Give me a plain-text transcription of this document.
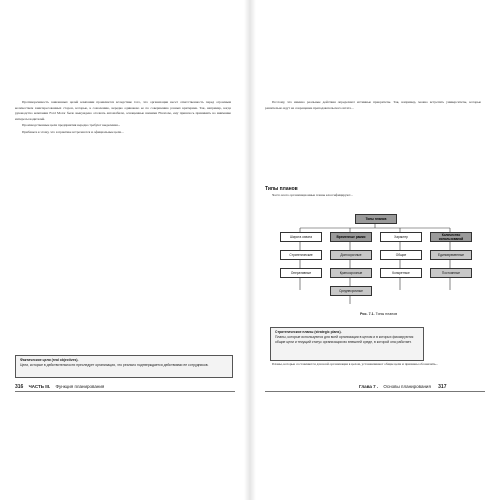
Противоречивость заявленных целей компании проявляется вследствие того, что организация несет ответственность перед огромным количеством заинтересованных сторон, которые, к сожалению, нередко одинаково ее по совершению разных критериев. Так, например, когда руководство компании Ford Motor было вынуждено отозвать автомобили, оснащенные шинами Firestone, ему пришлось принимать во внимание интересы водителей.

Производственные цели предприятия нередко требуют выделения...

Прибавьте к этому, что в практике встречаются и официальные цели...

Фактические цели (real objectives).
Цели, которые в действительности преследует организация, что реально подтверждается действиями ее сотрудников.
316 ЧАСТЬ III. Функция планирования

Поэтому, что именно реальные действия определяют истинные приоритеты. Так, например, можно встретить университеты, которые решительно идут на сокращение преподавательского штата...

Типы планов

Часто всего организационные планы классифицируют...

Типы планов
Широта охвата	Временные рамки	Характер	Количество использований
Стратегические	Долгосрочные	Общие	Единовременные
Оперативные	Краткосрочные	Конкретные	Постоянные
Среднесрочные
Рис. 7.1. Типы планов
Стратегические планы (strategic plans).
Планы, которые используются для всей организации в целом и в которых фиксируются общие цели и текущий статус организации во внешней среде, в которой она работает.

Планы, которые составляются для всей организации в целом, устанавливают общие цели и призваны обозначить...

Глава 7 . Основы планирования 317
